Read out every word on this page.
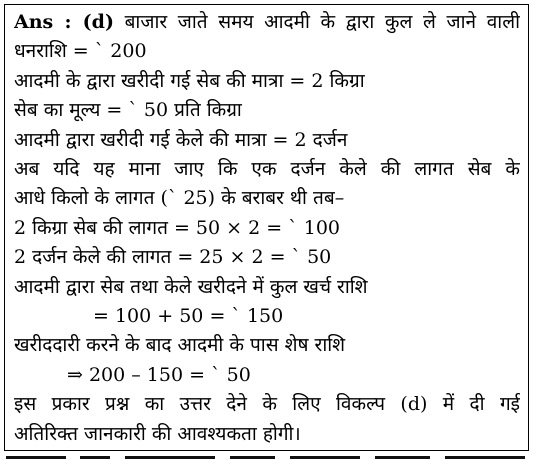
Ans : (d) बाजार जाते समय आदमी के द्वारा कुल ले जाने वाली
धनराशि = ` 200
आदमी के द्वारा खरीदी गई सेब की मात्रा = 2 किग्रा
सेब का मूल्य = ` 50 प्रति किग्रा
आदमी द्वारा खरीदी गई केले की मात्रा = 2 दर्जन
अब यदि यह माना जाए कि एक दर्जन केले की लागत सेब के
आधे किलो के लागत (` 25) के बराबर थी तब–
2 किग्रा सेब की लागत = 50 × 2 = ` 100
2 दर्जन केले की लागत = 25 × 2 = ` 50
आदमी द्वारा सेब तथा केले खरीदने में कुल खर्च राशि
= 100 + 50 = ` 150
खरीददारी करने के बाद आदमी के पास शेष राशि
⇒ 200 – 150 = ` 50
इस प्रकार प्रश्न का उत्तर देने के लिए विकल्प (d) में दी गई
अतिरिक्त जानकारी की आवश्यकता होगी।
